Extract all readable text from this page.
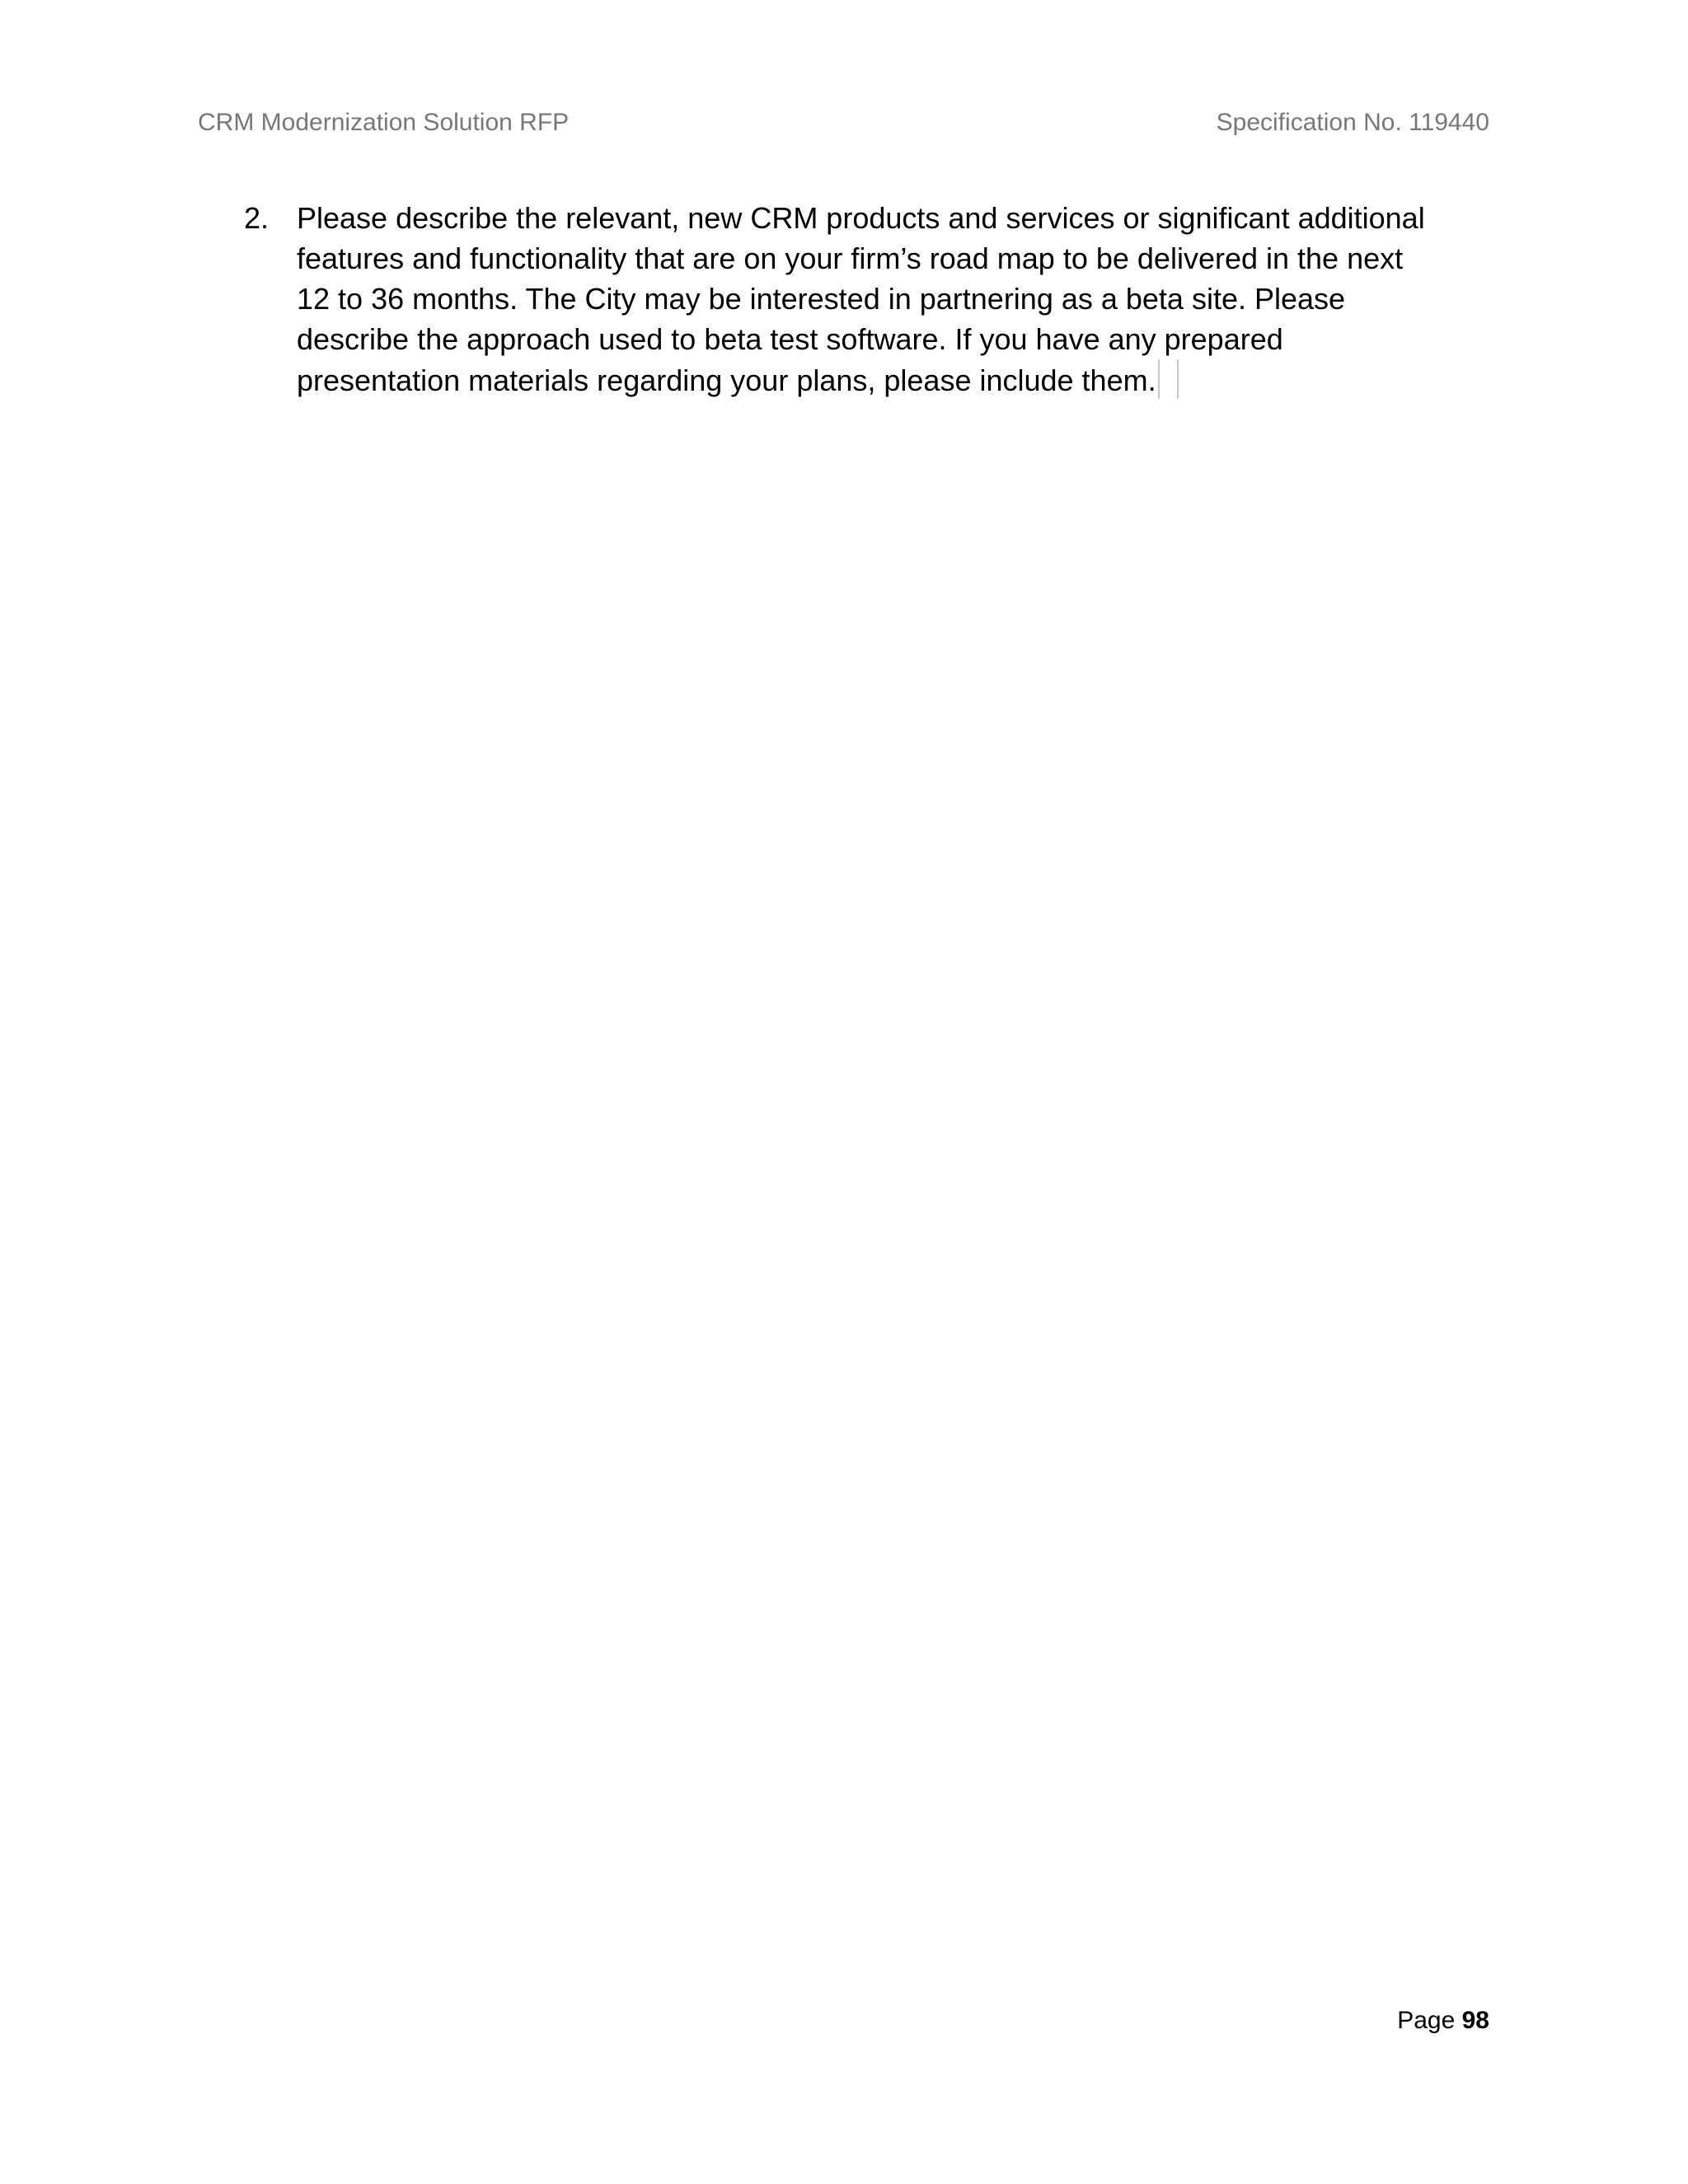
CRM Modernization Solution RFP	Specification No. 119440
2. Please describe the relevant, new CRM products and services or significant additional
features and functionality that are on your firm’s road map to be delivered in the next
12 to 36 months. The City may be interested in partnering as a beta site. Please
describe the approach used to beta test software. If you have any prepared
presentation materials regarding your plans, please include them.
Page 98
